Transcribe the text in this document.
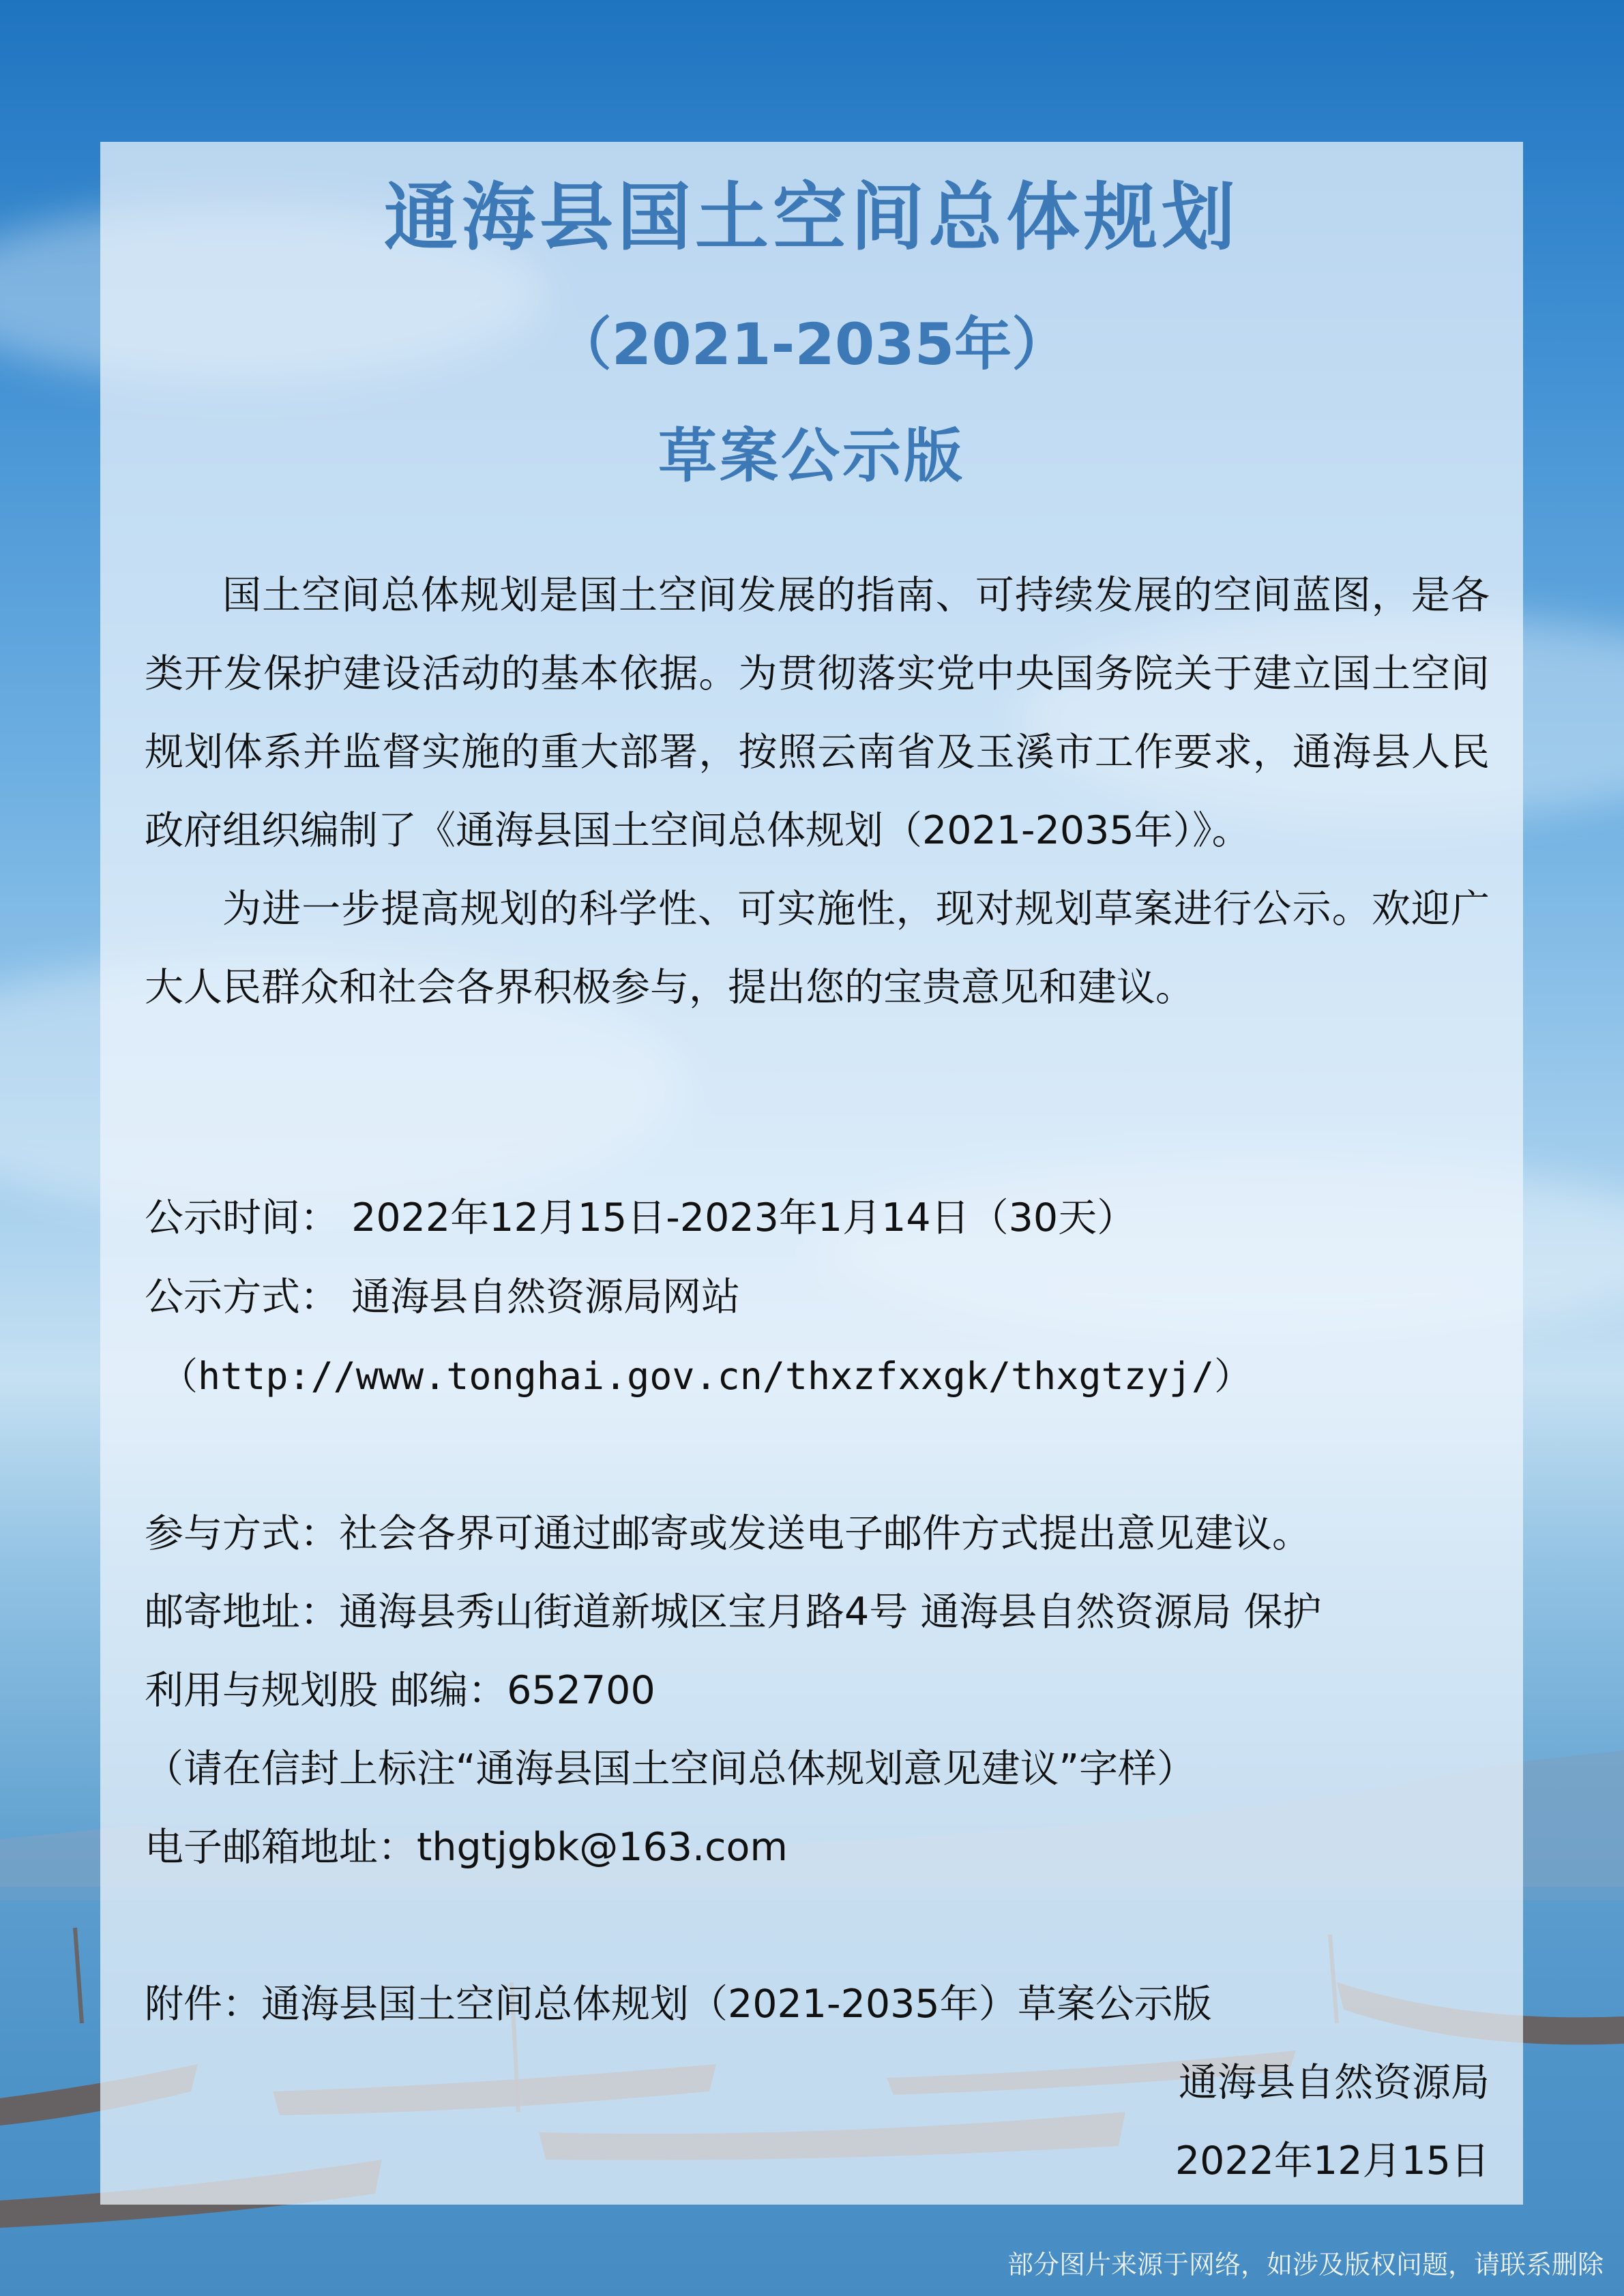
通海县国土空间总体规划
（2021-2035年）
草案公示版

国土空间总体规划是国土空间发展的指南、可持续发展的空间蓝图，是各类开发保护建设活动的基本依据。为贯彻落实党中央国务院关于建立国土空间规划体系并监督实施的重大部署，按照云南省及玉溪市工作要求，通海县人民政府组织编制了《通海县国土空间总体规划（2021-2035年）》。

为进一步提高规划的科学性、可实施性，现对规划草案进行公示。欢迎广大人民群众和社会各界积极参与，提出您的宝贵意见和建议。

公示时间： 2022年12月15日-2023年1月14日（30天）
公示方式： 通海县自然资源局网站
（http://www.tonghai.gov.cn/thxzfxxgk/thxgtzyj/）
参与方式：社会各界可通过邮寄或发送电子邮件方式提出意见建议。
邮寄地址：通海县秀山街道新城区宝月路4号 通海县自然资源局 保护
利用与规划股 邮编：652700
（请在信封上标注“通海县国土空间总体规划意见建议”字样）
电子邮箱地址：thgtjgbk@163.com
附件：通海县国土空间总体规划（2021-2035年）草案公示版
通海县自然资源局
2022年12月15日
部分图片来源于网络，如涉及版权问题，请联系删除
